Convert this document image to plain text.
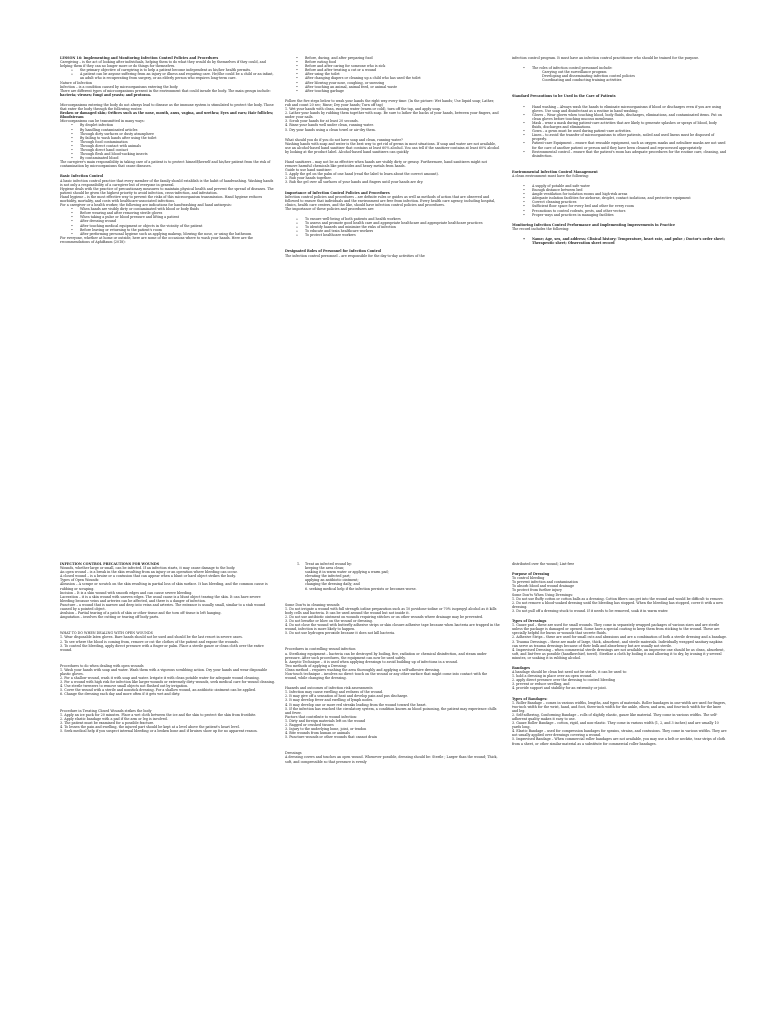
LESSON 16: Implementing and Monitoring Infection Control Policies and Procedures

Caregiving – is the act of looking after individuals, helping them to do what they would do by themselves if they could, and helping them if they can no longer more or do things for themselves.

o the primary objective of caregiving is to help a patient become independent as his/her health permits.
o A patient can be anyone suffering from an injury or illness and requiring care. He/She could be a child or an infant, an adult who is recuperating from surgery, or an elderly person who requires long-term care.

Nature of Infection

Infection – is a condition caused by microorganisms entering the body.

There are different types of microorganisms present in the environment that could invade the body. The main groups include:

bacteria; viruses; fungi and yeasts; and protozoa.

Microorganisms entering the body do not always lead to disease as the immune system is stimulated to protect the body. Those that enter the body through the following routes:

Broken or damaged skin; Orifices such as the nose, mouth, anus, vagina, and urethra; Eyes and ears; Hair follicles; Bloodstream

Microorganisms can be transmitted in many ways:

• By droplet infection
• By handling contaminated articles
• Through dirty surfaces or dusty atmosphere
• By failing to wash hands after using the toilet
• Through food contamination
• Through direct contact with animals
• Through direct hand contact
• Through flesh and blood-sucking insects
• By contaminated blood

The caregiver's main responsibility in taking care of a patient is to protect himself/herself and his/her patient from the risk of contamination by microorganisms that cause diseases.

Basic Infection Control

A basic infection control practice that every member of the family should establish is the habit of handwashing. Washing hands is not only a responsibility of a caregiver but of everyone in general.

Hygiene deals with the practice of precautionary measures to maintain physical health and prevent the spread of diseases. The patient should be given the highest priority to avoid infection, cross-infection, and infestation.

Hand hygiene – is the most effective way to prevent the risks of this microorganism transmission. Hand hygiene reduces morbidity, mortality, and costs with healthcare-associated infections.

For a caregiver or a health worker, the following are indications for handwashing and hand antisepsis:

• When hands are visibly dirty or contaminated with blood or body fluids
• Before wearing and after removing sterile gloves
• When taking a pulse or blood pressure and lifting a patient
• After dressing wound
• After touching medical equipment or objects in the vicinity of the patient
• Before leaving or returning to the patient's room
• After performing personal hygiene such as applying makeup, blowing the nose, or using the bathroom

For everyone, whether at home or outside, here are some of the occasions where to wash your hands. Here are the recommendations of AphiBaum (2018):

• Before, during, and after preparing food
• Before eating food
• Before and after caring for someone who is sick
• Before and after treating a cut or a wound
• After using the toilet
• After changing diapers or cleaning up a child who has used the toilet
• After blowing your nose, coughing, or sneezing
• After touching an animal, animal feed, or animal waste
• After touching garbage

Follow the five steps below to wash your hands the right way every time: (In the picture: Wet hands; Use liquid soap; Lather, rub and count 20 sec; Rinse; Dry your hands; Turn off tap)

1. Wet your hands with clean, running water (warm or cold), turn off the tap, and apply soap.

2. Lather your hands by rubbing them together with soap. Be sure to lather the backs of your hands, between your fingers, and under your nails.

3. Scrub your hands for at least 20 seconds.

4. Rinse your hands well under clean, running water.

5. Dry your hands using a clean towel or air-dry them.

What should you do if you do not have soap and clean, running water?

Washing hands with soap and water is the best way to get rid of germs in most situations. If soap and water are not available, use an alcohol-based hand sanitizer that contains at least 60% alcohol. You can tell if the sanitizer contains at least 60% alcohol by looking at the product label. Alcohol-based hand sanitizers can quickly

Hand sanitizers – may not be as effective when hands are visibly dirty or greasy. Furthermore, hand sanitizers might not remove harmful chemicals like pesticides and heavy metals from hands.

Guide to use hand sanitizer:

1. Apply the gel on the palm of one hand (read the label to learn about the correct amount).

2. Rub your hands together.

3. Rub the gel over all surfaces of your hands and fingers until your hands are dry.

Importance of Infection Control Policies and Procedures

Infection control policies and procedures – are definite rules or guides as well as methods of action that are observed and followed to ensure that individuals and the environment are free from infection. Every health care agency, including hospital, clinics, health care centers, and the like, should have infection control policies and procedures.

The importance of these policies and procedures are:

o To ensure well-being of both patients and health workers
o To assess and promote good health care and appropriate healthcare and appropriate healthcare practices
o To identify hazards and minimize the risks of infection
o To educate and train healthcare workers
o To protect healthcare workers

Designated Roles of Personnel for Infection Control

The infection control personnel – are responsible for the day-to-day activities of the

infection control program. It must have an infection control practitioner who should be trained for the purpose.

• The roles of infection control personnel include:
Carrying out the surveillance program
Developing and disseminating infection control policies
Coordinating and conducting training activities

Standard Precautions to be Used in the Care of Patients

• Hand washing – Always wash the hands to eliminate microorganisms if blood or discharges even if you are using gloves. Use soap and disinfectant as a routine in hand washing.
• Gloves – Wear gloves when touching blood, body fluids, discharges, eliminations, and contaminated items. Put on clean gloves before touching mucous membrane.
• Mask – wear a mask during patient-care activities that are likely to generate splashes or sprays of blood, body fluids, discharges and eliminations.
• Gown – a gown must be used during patient-care activities.
• Linen – to avoid the transfer of microorganisms to other patients, soiled and used linens must be disposed of properly.
• Patient-care Equipment – ensure that reusable equipment, such as oxygen masks and nebulizer masks are not used for the care of another patient or person until they have been cleaned and reprocessed appropriately.
• Environmental control – ensure that the patient's room has adequate procedures for the routine care, cleaning, and disinfection.

Environmental Infection Control Management

A clean environment must have the following:

• A supply of potable and safe water
• Enough distance between bed
• Ample ventilation for isolation rooms and high-risk areas
• Adequate isolation facilities for airborne, droplet, contact isolations, and protective equipment
• Correct cleaning practices
• Sufficient floor space for every bed and other for every room
• Precautions to control rodents, pests, and other vectors
• Proper ways and practices in managing facilities

Monitoring Infection Control Performance and Implementing Improvements in Practice

The record includes the following:

• Name; Age, sex, and address; Clinical history; Temperature, heart rate, and pulse ; Doctor's order sheet; Therapeutic sheet; Observation sheet record

INFECTION CONTROL PRECAUTIONS FOR WOUNDS

Wounds, whether large or small, can be infected. If an infection starts, it may cause damage to the body.

An open wound – is a break in the skin resulting from an injury or an operation where bleeding can occur.

A closed wound – is a bruise or a contusion that can appear when a blunt or hard object strikes the body.

Types of Open Wounds:

Abrasion – A scrape or scratch on the skin resulting in partial loss of skin surface. It has bleeding, and the common cause is rubbing or scraping.

Incision – It is a skin wound with smooth edges and can cause severe bleeding.

Laceration – it is a skin wound with uneven edges. The usual cause is a blunt object tearing the skin. It can have severe bleeding because veins and arteries can be affected, and there is a danger of infection.

Puncture – a wound that is narrow and deep into veins and arteries. The entrance is usually small, similar to a stab wound caused by a pointed object.

Avulsion – Partial tearing of a patch of skin or other tissue and the torn off tissue is left hanging.

Amputation – involves the cutting or tearing off body parts.

WHAT TO DO WHEN DEALING WITH OPEN WOUNDS

1. Wear disposable latex gloves. Bare hands should not be used and should be the last resort in severe cases.

2. To see where the blood is coming from, remove or cut the clothes of the patient and expose the wounds.

3. To control the bleeding, apply direct pressure with a finger or palm. Place a sterile gauze or clean cloth over the entire wound.

Procedures to do when dealing with open wounds

1. Wash your hands with soap and water. Wash them with a vigorous scrubbing action. Dry your hands and wear disposable plastic gloves.

2. For a shallow wound, wash it with soap and water. Irrigate it with clean potable water for adequate wound cleaning.

3. For a wound with high risk for infection like larger wounds or extremely dirty wounds, seek medical care for wound cleaning.

4. Use sterile tweezers to remove small objects not flushed out by irrigation.

5. Cover the wound with a sterile and nonstick dressing. For a shallow wound, an antibiotic ointment can be applied.

6. Change the dressing each day and more often if it gets wet and dirty.

Procedure in Treating Closed Wounds strikes the body

1. Apply an ice pack for 20 minutes. Place a wet cloth between the ice and the skin to protect the skin from frostbite.

2. Apply elastic bandage with a pad if the arm or leg is involved.

3. The patient must be examined for a possible fracture.

4. To lessen the pain and swelling, the injured part should be kept at a level above the patient's heart level.

5. Seek medical help if you suspect internal bleeding or a broken bone and if bruises show up for no apparent reason.

1. Treat an infected wound by:

keeping the area clean;

soaking it in warm water or applying a warm pad;

elevating the infected part;

applying an antibiotic ointment;

changing the dressing daily; and

6. seeking medical help if the infection persists or becomes worse.

Some Don'ts in cleaning wounds

1. Do not irrigate a wound with full strength iodine preparation such as 10 povidone-iodine or 70% isopropyl alcohol as it kills body cells and bacteria. It can be used around the wound but not inside it.

2. Do not use antibiotic ointment on wounds requiring stitches or on other wounds where drainage may be prevented.

3. Do not breathe or blow on the wound or dressing.

4. Do not close the wound with butterfly adhesive strips or skin closure adhesive tape because when bacteria are trapped in the wound, infection is more likely to happen.

5. Do not use hydrogen peroxide because it does not kill bacteria.

Procedures in controlling wound infection

a. Sterilizing equipment – bacteria can be destroyed by boiling, fire, radiation or chemical disinfection, and steam under pressure. After such procedures, the equipment can now be used safely.

b. Aseptic Technique – it is used when applying dressings to avoid building up of infections in a wound.

Two methods of applying a Dressing:

Clean method – requires washing the area thoroughly and applying a self-adhesive dressing.

Non-touch technique – involves no direct touch on the wound or any other surface that might come into contact with the wound, while changing the dressing.

Hazards and outcomes of infection risk assessments

1. Infection may cause swelling and redness of the wound.

2. It may give off a sensation of heat and develop pain and pus discharge.

3. It may develop fever and swelling of lymph nodes.

4. It may develop one or more red streaks leading from the wound toward the heart.

5. If the infection has reached the circulatory system, a condition known as blood poisoning, the patient may experience chills and fever.

Factors that contribute to wound infection:

1. Dirty and foreign materials left on the wound

2. Ragged or crushed tissues

3. Injury to the underlying bone, joint, or tendon

4. Bite wounds from human or animals

5. Puncture wounds or other wounds that cannot drain

Dressings

A dressing covers and touches an open wound. Whenever possible, dressing should be: Sterile ; Larger than the wound; Thick, soft, and compressible so that pressure is evenly

distributed over the wound; Lint-free

Purpose of Dressing

To control bleeding

To prevent infection and contamination

To absorb blood and wound drainage

To protect from further injury

Some Don'ts When Using Dressings:

1. Do not use fluffy cotton or cotton balls as a dressing. Cotton fibers can get into the wound and would be difficult to remove.

2. Do not remove a blood-soaked dressing until the bleeding has stopped. When the bleeding has stopped, cover it with a new dressing.

3. Do not pull off a dressing stuck to wound. If it needs to be removed, soak it in warm water.

Types of Dressings

1. Gauze pad – these are used for small wounds. They come in separately wrapped packages of various sizes and are sterile unless the package is damaged or opened. Some have a special coating to keep them from sticking to the wound. These are specially helpful for burns or wounds that secrete fluids.

2. Adhesive Strips – these are used for small cuts and abrasions and are a combination of both a sterile dressing and a bandage.

3. Trauma Dressings – these are made of large, thick, absorbent, and sterile materials. Individually wrapped sanitary napkins can serve as trauma dressings because of their bulk and absorbency but are usually not sterile.

4. Improvised Dressing – when commercial sterile dressings are not available, an improvise one should be as clean, absorbent, soft, and lint-free as possible (handkerchief, towel). Sterilize a cloth by boiling it and allowing it to dry, by ironing it y several minutes, or soaking it in rubbing alcohol.

Bandages

A bandage should be clean but need not be sterile, it can be used to:

1. hold a dressing in place over an open wound.

2. apply direct pressure over the dressing to control bleeding

3. prevent or reduce swelling, and

4. provide support and stability for an extremity or joint.

Types of Bandages:

1. Roller Bandage – comes in various widths, lengths, and types of materials. Roller bandages in one-width are used for fingers, two-inch width for the wrist, hand, and foot, three-inch width for the ankle, elbow, and arm, and four-inch width for the knee and leg.

2. Self-adhering, Conforming Bandage – rolls of slightly elastic, gauze like material. They come in various widths. The self-adherent quality makes it easy to use.

3. Gauze Roller Bandage – cotton, rigid, and non-elastic. They come in various width (1, 2, and 3 inches) and are usually 10 yards long.

4. Elastic Bandage – used for compression bandages for sprains, strains, and contusions. They come in various widths. They are not usually applied over dressings covering a wound.

5. Improvised Bandage – When commercial roller bandages are not available, you may use a belt or necktie, tear strips of cloth from a sheet, or other similar material as a substitute for commercial roller bandages.
